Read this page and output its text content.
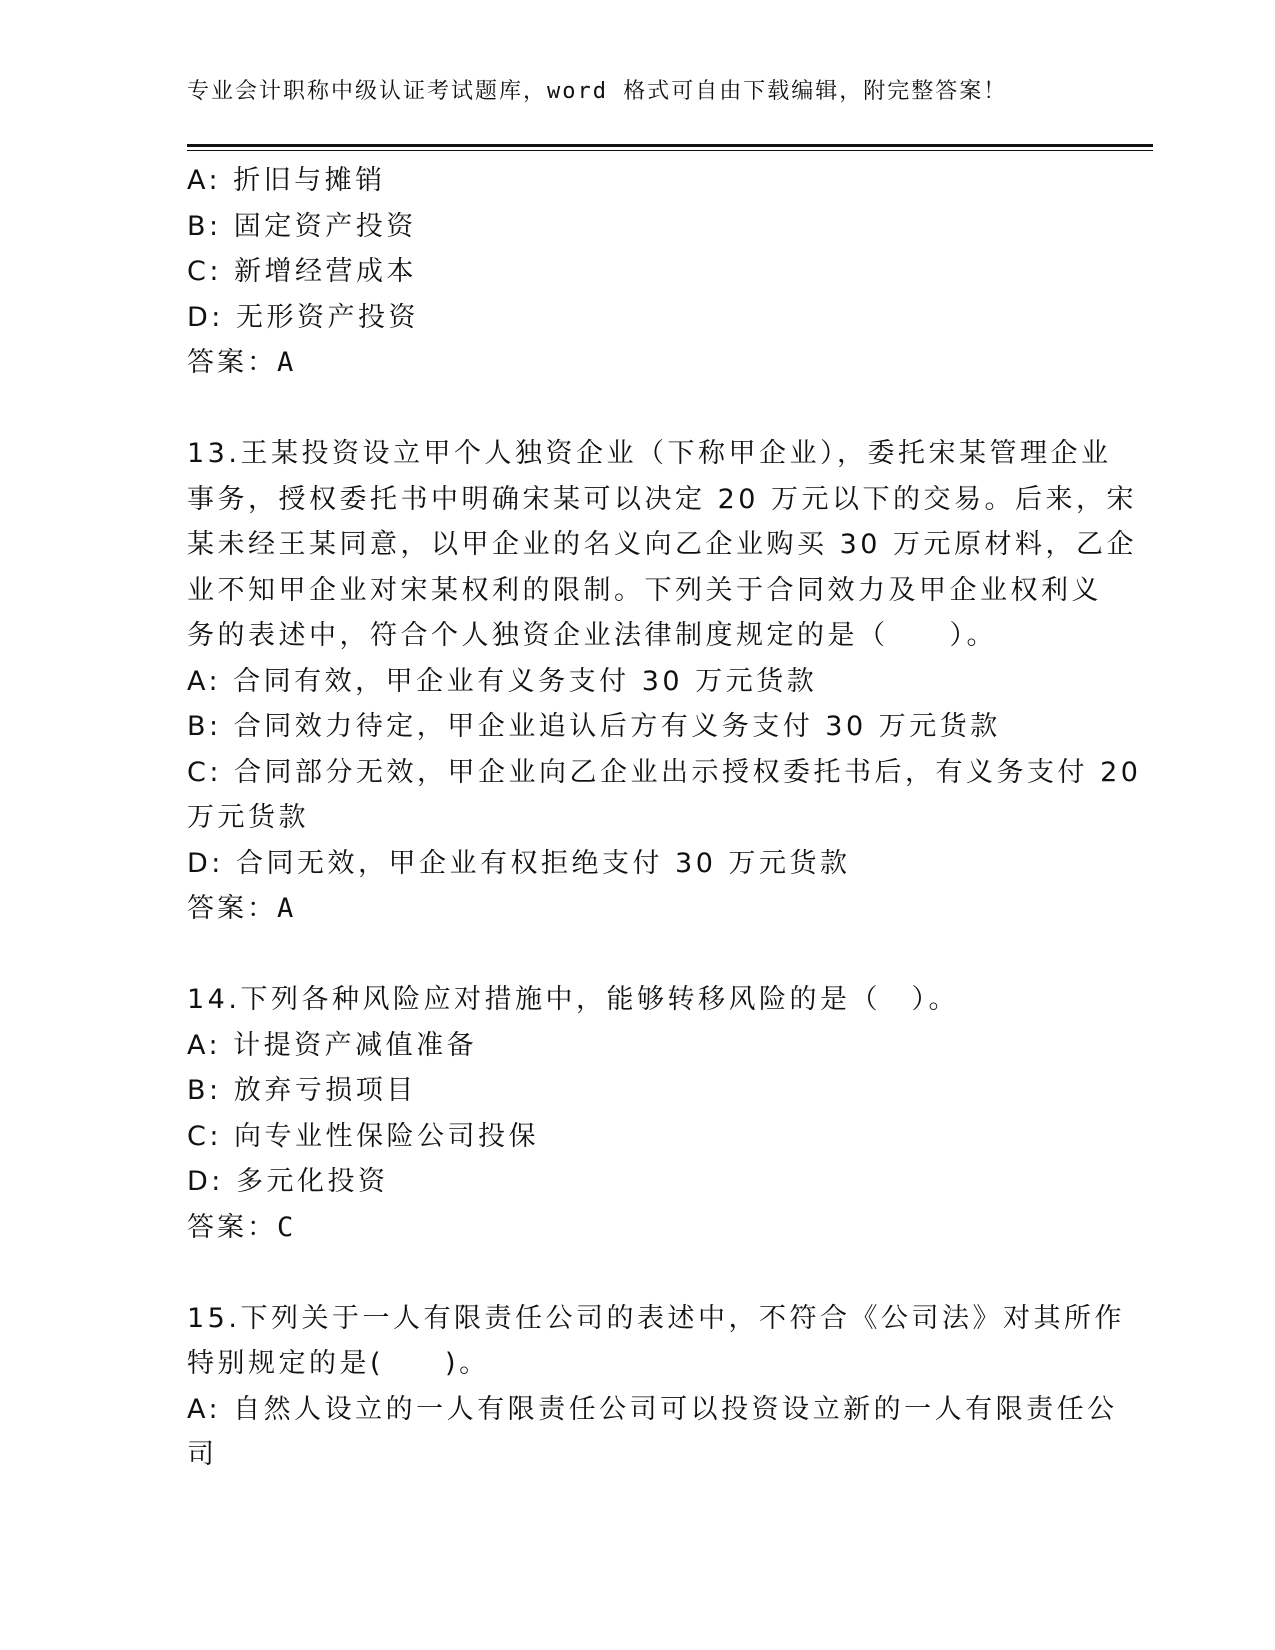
专业会计职称中级认证考试题库，word 格式可自由下载编辑，附完整答案！
A: 折旧与摊销
B: 固定资产投资
C: 新增经营成本
D: 无形资产投资
答案：A
13.王某投资设立甲个人独资企业（下称甲企业），委托宋某管理企业
事务，授权委托书中明确宋某可以决定 20 万元以下的交易。后来，宋
某未经王某同意，以甲企业的名义向乙企业购买 30 万元原材料，乙企
业不知甲企业对宋某权利的限制。下列关于合同效力及甲企业权利义
务的表述中，符合个人独资企业法律制度规定的是（　　）。
A: 合同有效，甲企业有义务支付 30 万元货款
B: 合同效力待定，甲企业追认后方有义务支付 30 万元货款
C: 合同部分无效，甲企业向乙企业出示授权委托书后，有义务支付 20
万元货款
D: 合同无效，甲企业有权拒绝支付 30 万元货款
答案：A
14.下列各种风险应对措施中，能够转移风险的是（　）。
A: 计提资产减值准备
B: 放弃亏损项目
C: 向专业性保险公司投保
D: 多元化投资
答案：C
15.下列关于一人有限责任公司的表述中，不符合《公司法》对其所作
特别规定的是(　　)。
A: 自然人设立的一人有限责任公司可以投资设立新的一人有限责任公
司
